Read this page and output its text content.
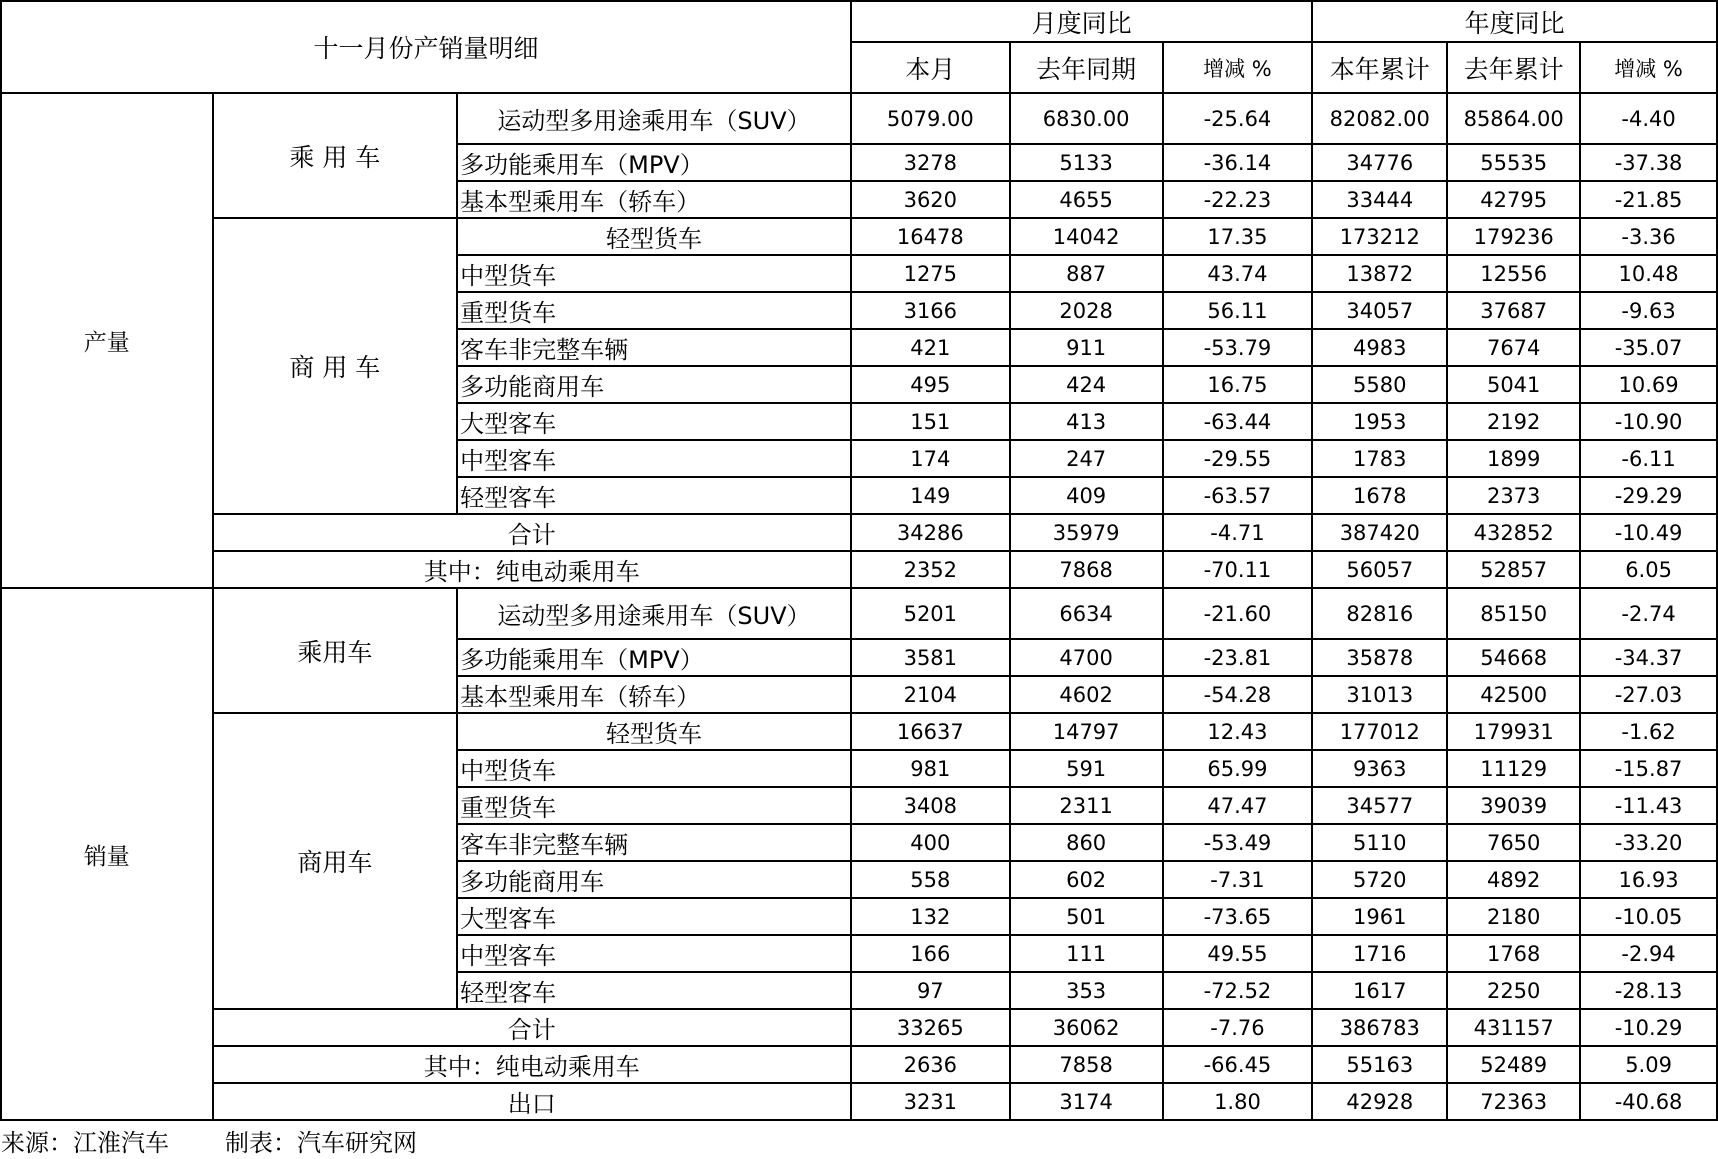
十一月份产销量明细			月度同比			年度同比		
			本月	去年同期	增减 %	本年累计	去年累计	增减 %
产量	乘 用 车	运动型多用途乘用车（SUV）	5079.00	6830.00	-25.64	82082.00	85864.00	-4.40
		多功能乘用车（MPV）	3278	5133	-36.14	34776	55535	-37.38
		基本型乘用车（轿车）	3620	4655	-22.23	33444	42795	-21.85
	商 用 车	轻型货车	16478	14042	17.35	173212	179236	-3.36
		中型货车	1275	887	43.74	13872	12556	10.48
		重型货车	3166	2028	56.11	34057	37687	-9.63
		客车非完整车辆	421	911	-53.79	4983	7674	-35.07
		多功能商用车	495	424	16.75	5580	5041	10.69
		大型客车	151	413	-63.44	1953	2192	-10.90
		中型客车	174	247	-29.55	1783	1899	-6.11
		轻型客车	149	409	-63.57	1678	2373	-29.29
	合计		34286	35979	-4.71	387420	432852	-10.49
	其中：纯电动乘用车		2352	7868	-70.11	56057	52857	6.05
销量	乘用车	运动型多用途乘用车（SUV）	5201	6634	-21.60	82816	85150	-2.74
		多功能乘用车（MPV）	3581	4700	-23.81	35878	54668	-34.37
		基本型乘用车（轿车）	2104	4602	-54.28	31013	42500	-27.03
	商用车	轻型货车	16637	14797	12.43	177012	179931	-1.62
		中型货车	981	591	65.99	9363	11129	-15.87
		重型货车	3408	2311	47.47	34577	39039	-11.43
		客车非完整车辆	400	860	-53.49	5110	7650	-33.20
		多功能商用车	558	602	-7.31	5720	4892	16.93
		大型客车	132	501	-73.65	1961	2180	-10.05
		中型客车	166	111	49.55	1716	1768	-2.94
		轻型客车	97	353	-72.52	1617	2250	-28.13
	合计		33265	36062	-7.76	386783	431157	-10.29
	其中：纯电动乘用车		2636	7858	-66.45	55163	52489	5.09
	出口		3231	3174	1.80	42928	72363	-40.68
来源：江淮汽车 制表：汽车研究网								
